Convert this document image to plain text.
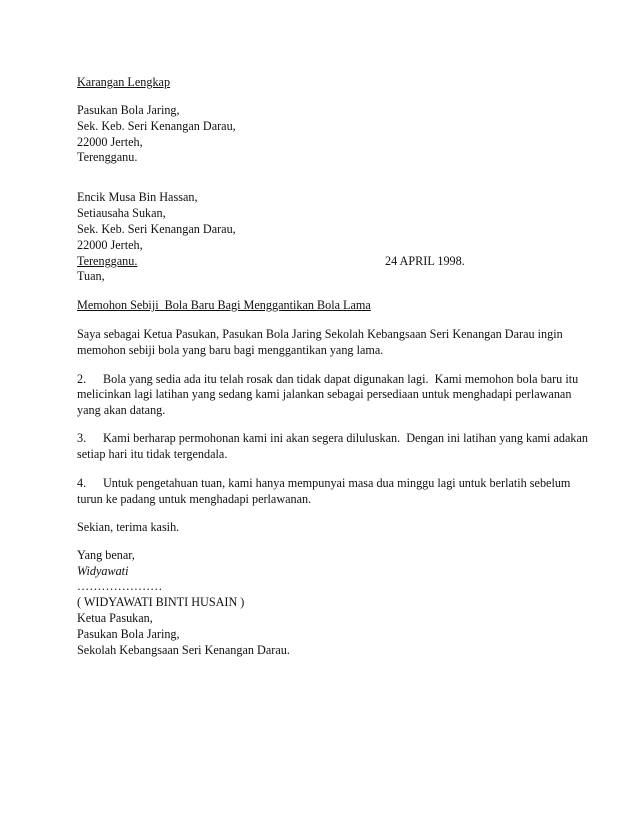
Karangan Lengkap
Pasukan Bola Jaring,
Sek. Keb. Seri Kenangan Darau,
22000 Jerteh,
Terengganu.
Encik Musa Bin Hassan,
Setiausaha Sukan,
Sek. Keb. Seri Kenangan Darau,
22000 Jerteh,
Terengganu.	24 APRIL 1998.
Tuan,
Memohon Sebiji  Bola Baru Bagi Menggantikan Bola Lama
Saya sebagai Ketua Pasukan, Pasukan Bola Jaring Sekolah Kebangsaan Seri Kenangan Darau ingin
memohon sebiji bola yang baru bagi menggantikan yang lama.
2. Bola yang sedia ada itu telah rosak dan tidak dapat digunakan lagi.  Kami memohon bola baru itu
melicinkan lagi latihan yang sedang kami jalankan sebagai persediaan untuk menghadapi perlawanan
yang akan datang.
3. Kami berharap permohonan kami ini akan segera diluluskan.  Dengan ini latihan yang kami adakan
setiap hari itu tidak tergendala.
4. Untuk pengetahuan tuan, kami hanya mempunyai masa dua minggu lagi untuk berlatih sebelum
turun ke padang untuk menghadapi perlawanan.
Sekian, terima kasih.
Yang benar,
Widyawati
…………………
( WIDYAWATI BINTI HUSAIN )
Ketua Pasukan,
Pasukan Bola Jaring,
Sekolah Kebangsaan Seri Kenangan Darau.
